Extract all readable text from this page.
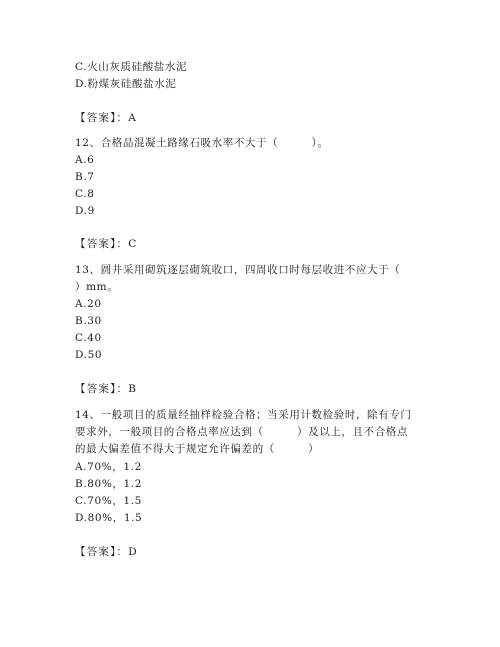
C.火山灰质硅酸盐水泥
D.粉煤灰硅酸盐水泥
【答案】：A
12、合格品混凝土路缘石吸水率不大于（　　　）。
A.6
B.7
C.8
D.9
【答案】：C
13、圆井采用砌筑逐层砌筑收口，四周收口时每层收进不应大于（
）mm。
A.20
B.30
C.40
D.50
【答案】：B
14、一般项目的质量经抽样检验合格；当采用计数检验时，除有专门
要求外，一般项目的合格点率应达到（　　　）及以上，且不合格点
的最大偏差值不得大于规定允许偏差的（　　　）
A.70%，1.2
B.80%，1.2
C.70%，1.5
D.80%，1.5
【答案】：D
